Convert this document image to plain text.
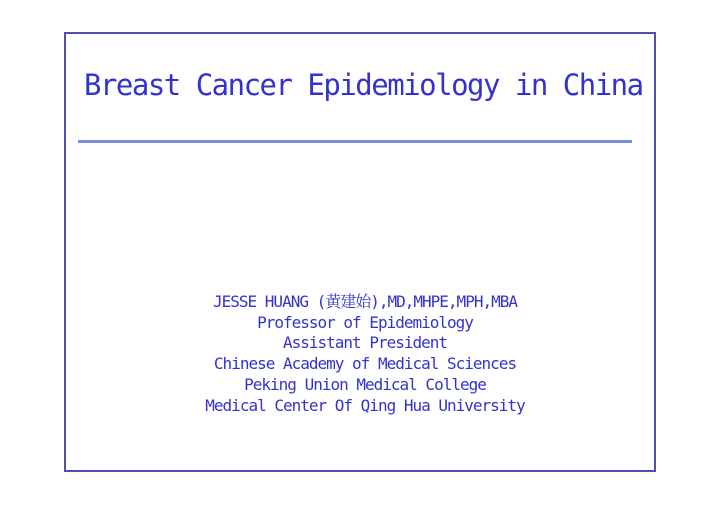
Breast Cancer Epidemiology in China
JESSE HUANG (黄建始),MD,MHPE,MPH,MBA
Professor of Epidemiology
Assistant President
Chinese Academy of Medical Sciences
Peking Union Medical College
Medical Center Of Qing Hua University
